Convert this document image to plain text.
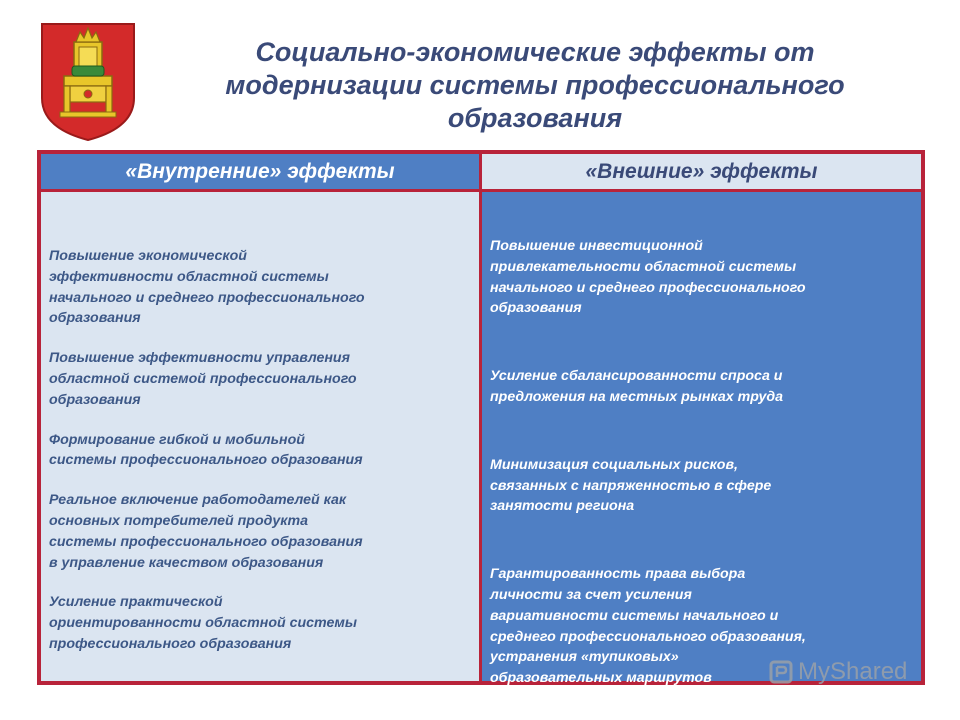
Социально-экономические эффекты от
модернизации системы профессионального
образования
«Внутренние» эффекты	«Внешние» эффекты
Повышение экономической
эффективности областной системы
начального и среднего профессионального
образования
Повышение эффективности управления
областной системой профессионального
образования
Формирование гибкой и мобильной
системы профессионального образования
Реальное включение работодателей как
основных потребителей продукта
системы профессионального образования
в управление качеством образования
Усиление практической
ориентированности областной системы
профессионального образования
Повышение инвестиционной
привлекательности областной системы
начального и среднего профессионального
образования
Усиление сбалансированности спроса и
предложения на местных рынках труда
Минимизация социальных рисков,
связанных с напряженностью в сфере
занятости региона
Гарантированность права выбора
личности за счет усиления
вариативности системы начального и
среднего профессионального образования,
устранения «тупиковых»
образовательных маршрутов	MyShared
